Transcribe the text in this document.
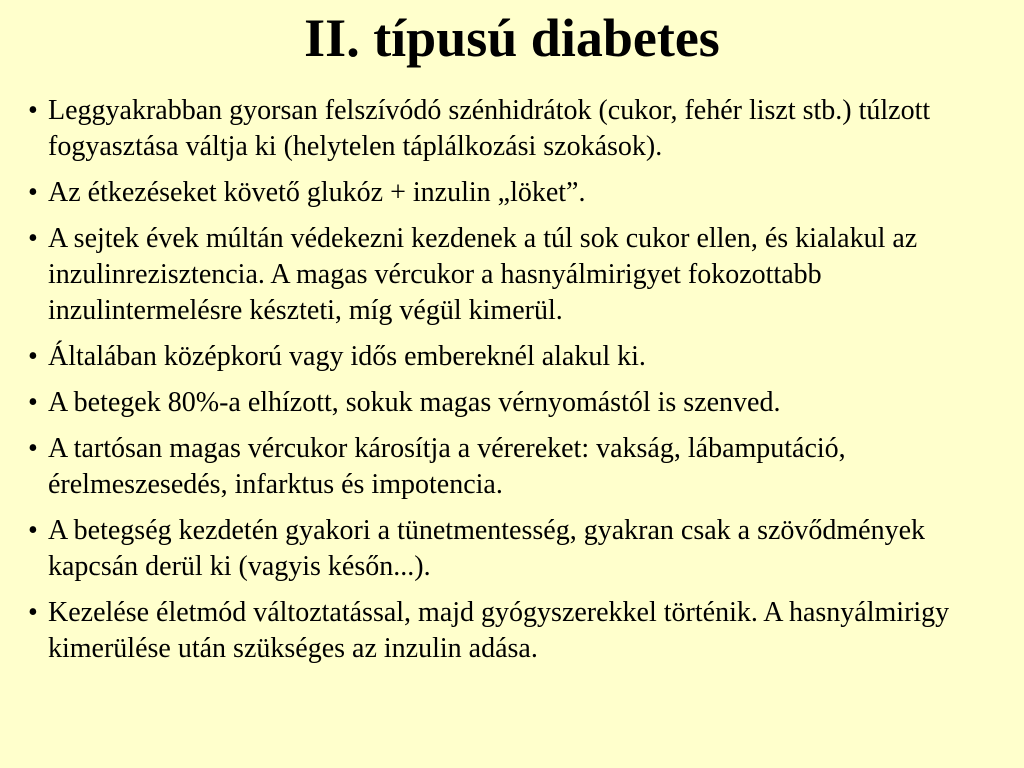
II. típusú diabetes
• Leggyakrabban gyorsan felszívódó szénhidrátok (cukor, fehér liszt stb.) túlzott fogyasztása váltja ki (helytelen táplálkozási szokások).
• Az étkezéseket követő glukóz + inzulin „löket”.
• A sejtek évek múltán védekezni kezdenek a túl sok cukor ellen, és kialakul az inzulinrezisztencia. A magas vércukor a hasnyálmirigyet fokozottabb inzulintermelésre készteti, míg végül kimerül.
• Általában középkorú vagy idős embereknél alakul ki.
• A betegek 80%-a elhízott, sokuk magas vérnyomástól is szenved.
• A tartósan magas vércukor károsítja a vérereket: vakság, lábamputáció, érelmeszesedés, infarktus és impotencia.
• A betegség kezdetén gyakori a tünetmentesség, gyakran csak a szövődmények kapcsán derül ki (vagyis későn...).
• Kezelése életmód változtatással, majd gyógyszerekkel történik. A hasnyálmirigy kimerülése után szükséges az inzulin adása.
